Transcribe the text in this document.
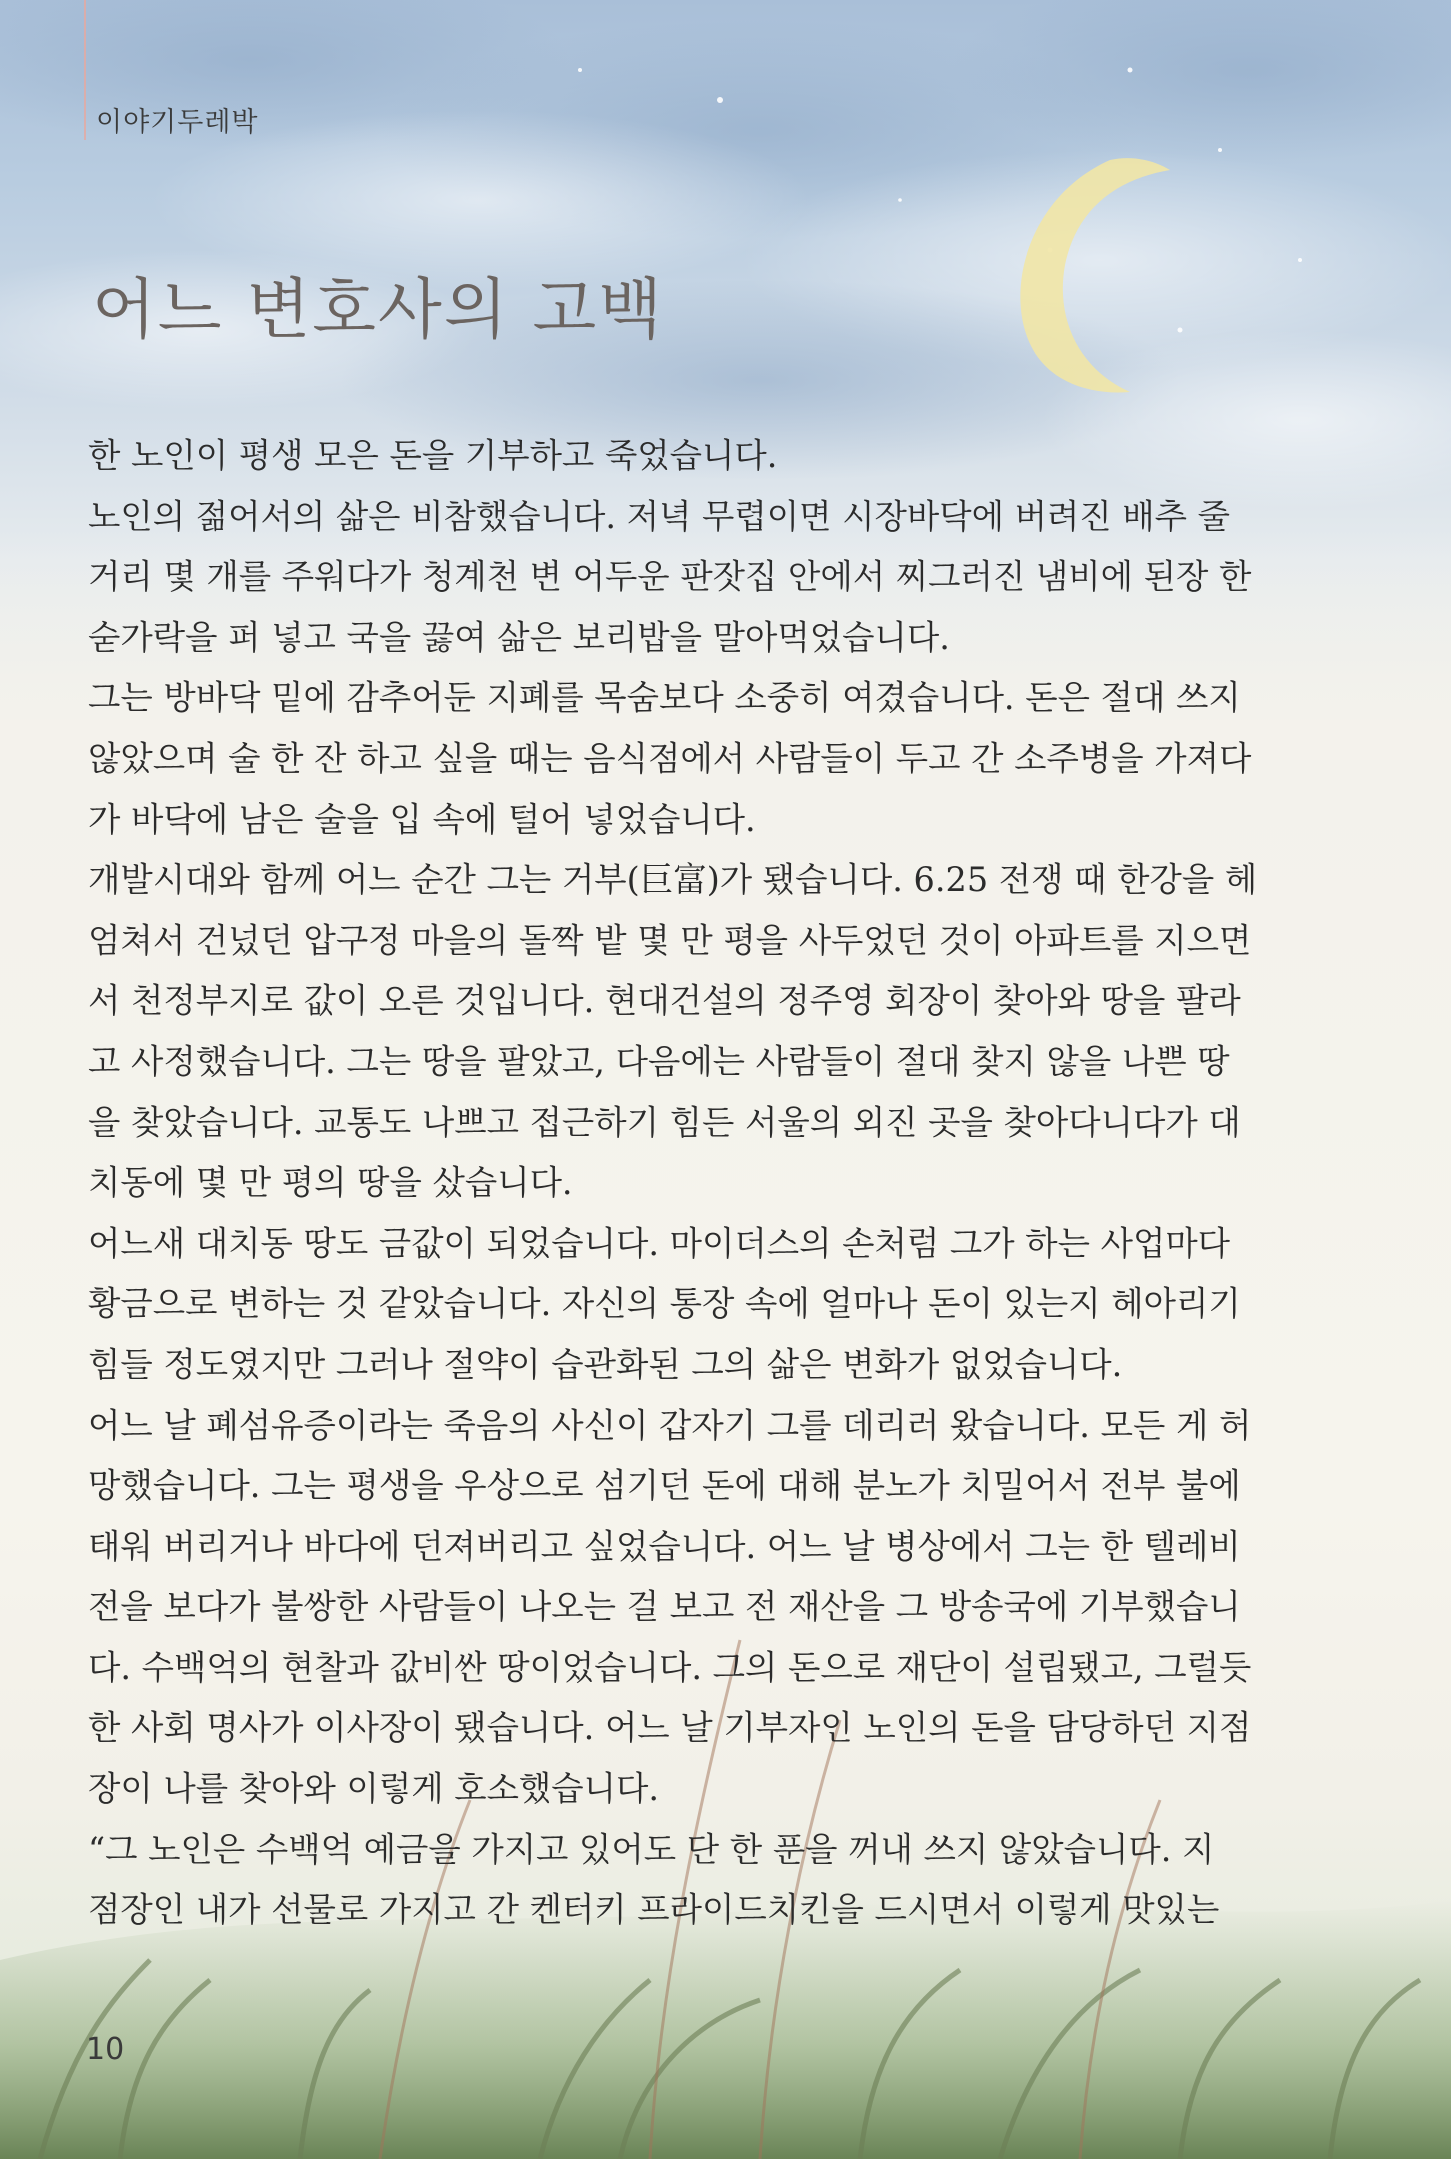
이야기두레박
어느 변호사의 고백
한 노인이 평생 모은 돈을 기부하고 죽었습니다.
노인의 젊어서의 삶은 비참했습니다. 저녁 무렵이면 시장바닥에 버려진 배추 줄
거리 몇 개를 주워다가 청계천 변 어두운 판잣집 안에서 찌그러진 냄비에 된장 한
숟가락을 퍼 넣고 국을 끓여 삶은 보리밥을 말아먹었습니다.
그는 방바닥 밑에 감추어둔 지폐를 목숨보다 소중히 여겼습니다. 돈은 절대 쓰지
않았으며 술 한 잔 하고 싶을 때는 음식점에서 사람들이 두고 간 소주병을 가져다
가 바닥에 남은 술을 입 속에 털어 넣었습니다.
개발시대와 함께 어느 순간 그는 거부(巨富)가 됐습니다. 6.25 전쟁 때 한강을 헤
엄쳐서 건넜던 압구정 마을의 돌짝 밭 몇 만 평을 사두었던 것이 아파트를 지으면
서 천정부지로 값이 오른 것입니다. 현대건설의 정주영 회장이 찾아와 땅을 팔라
고 사정했습니다. 그는 땅을 팔았고, 다음에는 사람들이 절대 찾지 않을 나쁜 땅
을 찾았습니다. 교통도 나쁘고 접근하기 힘든 서울의 외진 곳을 찾아다니다가 대
치동에 몇 만 평의 땅을 샀습니다.
어느새 대치동 땅도 금값이 되었습니다. 마이더스의 손처럼 그가 하는 사업마다
황금으로 변하는 것 같았습니다. 자신의 통장 속에 얼마나 돈이 있는지 헤아리기
힘들 정도였지만 그러나 절약이 습관화된 그의 삶은 변화가 없었습니다.
어느 날 폐섬유증이라는 죽음의 사신이 갑자기 그를 데리러 왔습니다. 모든 게 허
망했습니다. 그는 평생을 우상으로 섬기던 돈에 대해 분노가 치밀어서 전부 불에
태워 버리거나 바다에 던져버리고 싶었습니다. 어느 날 병상에서 그는 한 텔레비
전을 보다가 불쌍한 사람들이 나오는 걸 보고 전 재산을 그 방송국에 기부했습니
다. 수백억의 현찰과 값비싼 땅이었습니다. 그의 돈으로 재단이 설립됐고, 그럴듯
한 사회 명사가 이사장이 됐습니다. 어느 날 기부자인 노인의 돈을 담당하던 지점
장이 나를 찾아와 이렇게 호소했습니다.
“그 노인은 수백억 예금을 가지고 있어도 단 한 푼을 꺼내 쓰지 않았습니다. 지
점장인 내가 선물로 가지고 간 켄터키 프라이드치킨을 드시면서 이렇게 맛있는
10
